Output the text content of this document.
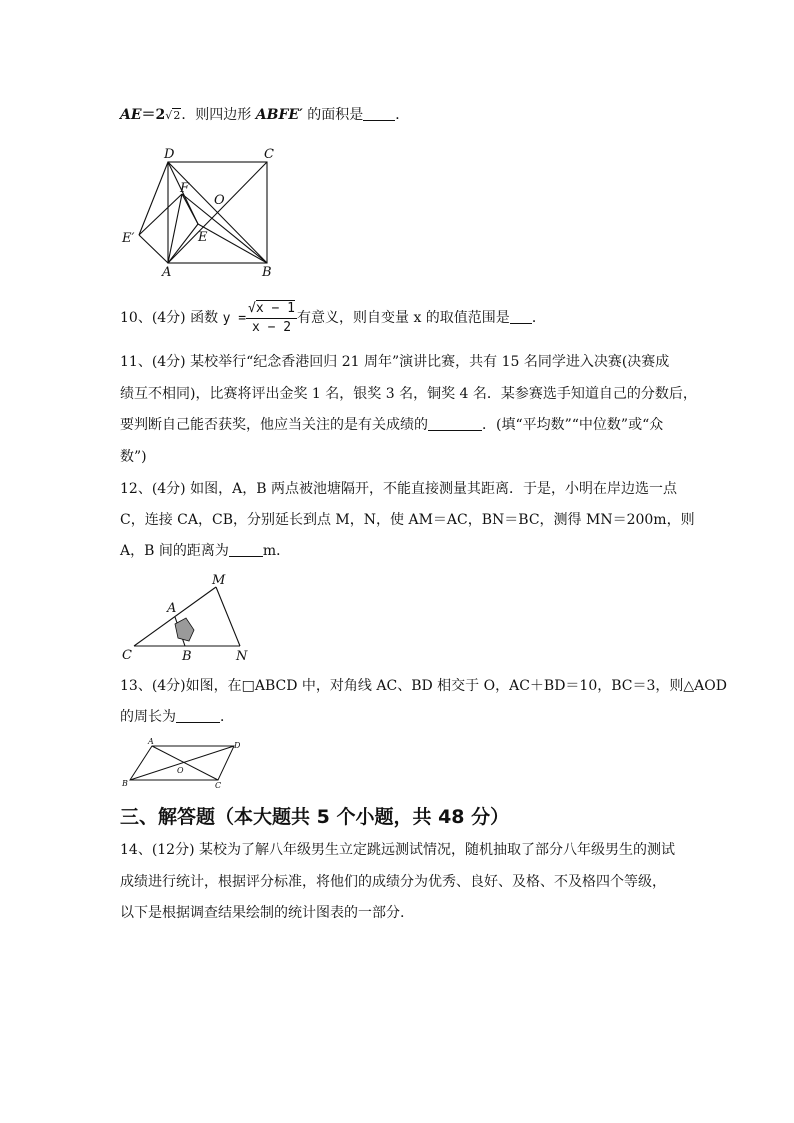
AE＝2√2．则四边形 ABFE′ 的面积是 ．
D	C
F
O
E′	E
A	B
10、(4分) 函数 $y = \frac{√x - 1}{x - 2}$ 有意义，则自变量 x 的取值范围是 ．
11、(4分) 某校举行“纪念香港回归 21 周年”演讲比赛，共有 15 名同学进入决赛(决赛成
绩互不相同)，比赛将评出金奖 1 名，银奖 3 名，铜奖 4 名．某参赛选手知道自己的分数后，
要判断自己能否获奖，他应当关注的是有关成绩的	．(填“平均数”“中位数”或“众
数”)
12、(4分) 如图，A，B 两点被池塘隔开，不能直接测量其距离．于是，小明在岸边选一点
C，连接 CA，CB，分别延长到点 M，N，使 AM＝AC，BN＝BC，测得 MN＝200m，则
A，B 间的距离为 m．
M
A
C	B	N
13、(4分)如图，在□ABCD 中，对角线 AC、BD 相交于 O，AC＋BD＝10，BC＝3，则△AOD
的周长为	．
A	D
O
B	C
三、解答题（本大题共 5 个小题，共 48 分）
14、(12分) 某校为了解八年级男生立定跳远测试情况，随机抽取了部分八年级男生的测试
成绩进行统计，根据评分标准，将他们的成绩分为优秀、良好、及格、不及格四个等级，
以下是根据调查结果绘制的统计图表的一部分.
